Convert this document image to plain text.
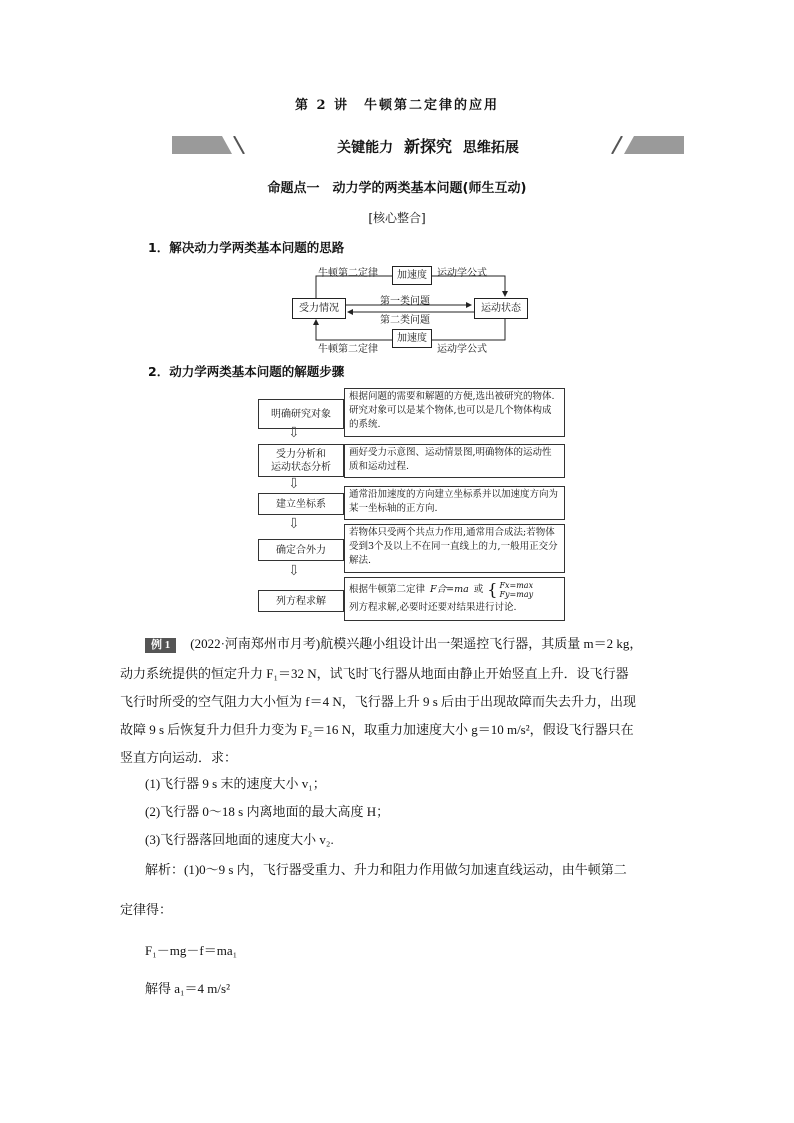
第 2 讲　牛顿第二定律的应用
关键能力 新探究 思维拓展
命题点一　动力学的两类基本问题(师生互动)
[核心整合]
1．解决动力学两类基本问题的思路
加速度
加速度
受力情况	运动状态
牛顿第二定律	运动学公式
第一类问题
第二类问题
牛顿第二定律	运动学公式
2．动力学两类基本问题的解题步骤
明确研究对象
根据问题的需要和解题的方便,选出被研究的物体.研究对象可以是某个物体,也可以是几个物体构成的系统.
⇩
受力分析和
运动状态分析
画好受力示意图、运动情景图,明确物体的运动性质和运动过程.
⇩
建立坐标系
通常沿加速度的方向建立坐标系并以加速度方向为某一坐标轴的正方向.
⇩
确定合外力
若物体只受两个共点力作用,通常用合成法;若物体受到3个及以上不在同一直线上的力,一般用正交分解法.
⇩
列方程求解
根据牛顿第二定律 F合=ma 或 { Fx=max
Fy=may
列方程求解,必要时还要对结果进行讨论.
例 1 (2022·河南郑州市月考)航模兴趣小组设计出一架遥控飞行器，其质量 m＝2 kg，
动力系统提供的恒定升力 F₁＝32 N，试飞时飞行器从地面由静止开始竖直上升．设飞行器
飞行时所受的空气阻力大小恒为 f＝4 N，飞行器上升 9 s 后由于出现故障而失去升力，出现
故障 9 s 后恢复升力但升力变为 F₂＝16 N，取重力加速度大小 g＝10 m/s²，假设飞行器只在
竖直方向运动．求：
(1)飞行器 9 s 末的速度大小 v₁；
(2)飞行器 0～18 s 内离地面的最大高度 H；
(3)飞行器落回地面的速度大小 v₂.
解析：(1)0～9 s 内，飞行器受重力、升力和阻力作用做匀加速直线运动，由牛顿第二
定律得：
F₁－mg－f＝ma₁
解得 a₁＝4 m/s²
